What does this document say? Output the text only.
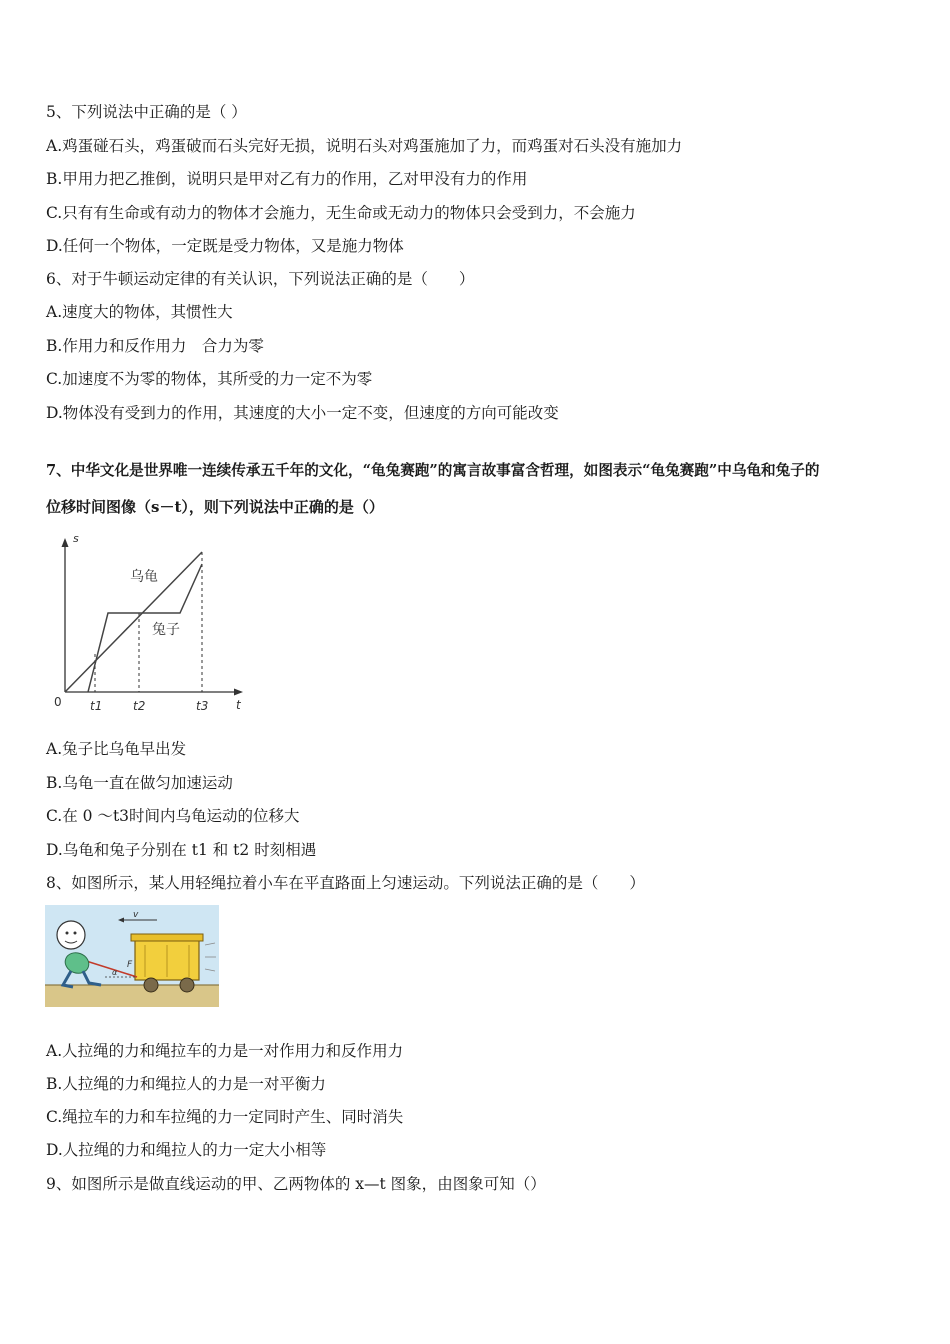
5、下列说法中正确的是（ ）
A.鸡蛋碰石头，鸡蛋破而石头完好无损，说明石头对鸡蛋施加了力，而鸡蛋对石头没有施加力
B.甲用力把乙推倒，说明只是甲对乙有力的作用，乙对甲没有力的作用
C.只有有生命或有动力的物体才会施力，无生命或无动力的物体只会受到力，不会施力
D.任何一个物体，一定既是受力物体，又是施力物体
6、对于牛顿运动定律的有关认识，下列说法正确的是（　　）
A.速度大的物体，其惯性大
B.作用力和反作用力　合力为零
C.加速度不为零的物体，其所受的力一定不为零
D.物体没有受到力的作用，其速度的大小一定不变，但速度的方向可能改变
7、中华文化是世界唯一连续传承五千年的文化，“龟兔赛跑”的寓言故事富含哲理，如图表示“龟兔赛跑”中乌龟和兔子的
位移时间图像（s－t），则下列说法中正确的是（）
s
t
0
乌龟
兔子
t1	t2	t3
A.兔子比乌龟早出发
B.乌龟一直在做匀加速运动
C.在 0 ～t3时间内乌龟运动的位移大
D.乌龟和兔子分别在 t1 和 t2 时刻相遇
8、如图所示，某人用轻绳拉着小车在平直路面上匀速运动。下列说法正确的是（　　）
v
F
α
A.人拉绳的力和绳拉车的力是一对作用力和反作用力
B.人拉绳的力和绳拉人的力是一对平衡力
C.绳拉车的力和车拉绳的力一定同时产生、同时消失
D.人拉绳的力和绳拉人的力一定大小相等
9、如图所示是做直线运动的甲、乙两物体的 x—t 图象，由图象可知（）
